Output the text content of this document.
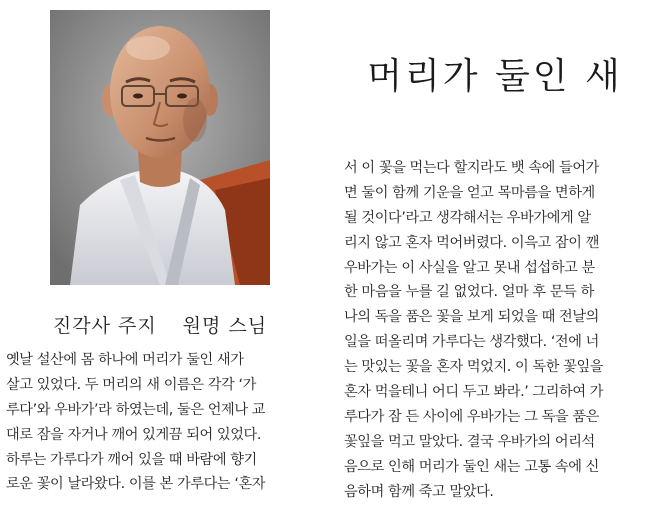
진각사 주지 원명 스님
머리가 둘인 새
옛날 설산에 몸 하나에 머리가 둘인 새가
살고 있었다. 두 머리의 새 이름은 각각 ‘가
루다’와 우바가’라 하였는데, 둘은 언제나 교
대로 잠을 자거나 깨어 있게끔 되어 있었다.
하루는 가루다가 깨어 있을 때 바람에 향기
로운 꽃이 날라왔다. 이를 본 가루다는 ‘혼자
서 이 꽃을 먹는다 할지라도 뱃 속에 들어가
면 둘이 함께 기운을 얻고 목마름을 면하게
될 것이다’라고 생각해서는 우바가에게 알
리지 않고 혼자 먹어버렸다. 이윽고 잠이 깬
우바가는 이 사실을 알고 못내 섭섭하고 분
한 마음을 누를 길 없었다. 얼마 후 문득 하
나의 독을 품은 꽃을 보게 되었을 때 전날의
일을 떠올리며 가루다는 생각했다. ‘전에 너
는 맛있는 꽃을 혼자 먹었지. 이 독한 꽃잎을
혼자 먹을테니 어디 두고 봐라.’ 그리하여 가
루다가 잠 든 사이에 우바가는 그 독을 품은
꽃잎을 먹고 말았다. 결국 우바가의 어리석
음으로 인해 머리가 둘인 새는 고통 속에 신
음하며 함께 죽고 말았다.
